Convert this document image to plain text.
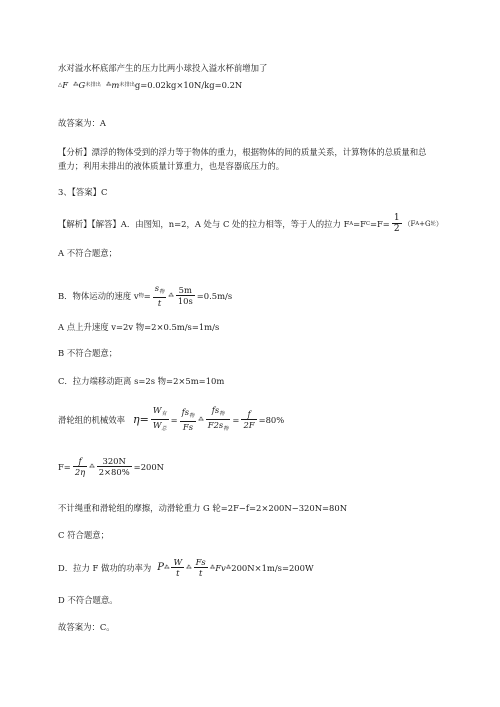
水对溢水杯底部产生的压力比两小球投入溢水杯前增加了
△ F ⁂ G 未排出 ⁂ m 未排出 g=0.02kg×10N/kg=0.2N
故答案为：A
【分析】漂浮的物体受到的浮力等于物体的重力，根据物体的间的质量关系，计算物体的总质量和总
重力；利用未排出的液体质量计算重力，也是容器底压力的。
3、【答案】C
【解析】【解答】A．由图知，n=2，A 处与 C 处的拉力相等，等于人的拉力 F A =F $C =F= \frac{1}{2} (F$ A +G 轮 ）
A 不符合题意；
B．物体运动的速度 v 物 = $\frac{s_物}{t}$ ⁂ $\frac{5m}{10s} =0.5m/s$
A 点上升速度 v=2v 物=2×0.5m/s=1m/s
B 不符合题意；
C．拉力端移动距离 s=2s 物=2×5m=10m
滑轮组的机械效率 $\eta= \frac{W_有}{W_总} = \frac{fs_物}{Fs}$ ⁂ $\frac{fs_物}{F2s_物} = \frac{f}{2F} =80\%$
$F= \frac{f}{2\eta}$ ⁂ $\frac{320N}{2\times 80\%} =200N$
不计绳重和滑轮组的摩擦，动滑轮重力 G 轮=2F−f=2×200N−320N=80N
C 符合题意；
D．拉力 F 做功的功率为 P ⁂ $\frac{W}{t}$ ⁂ $\frac{Fs}{t}$ ⁂ Fv ⁂ 200N×1m/s=200W
D 不符合题意。
故答案为：C。
